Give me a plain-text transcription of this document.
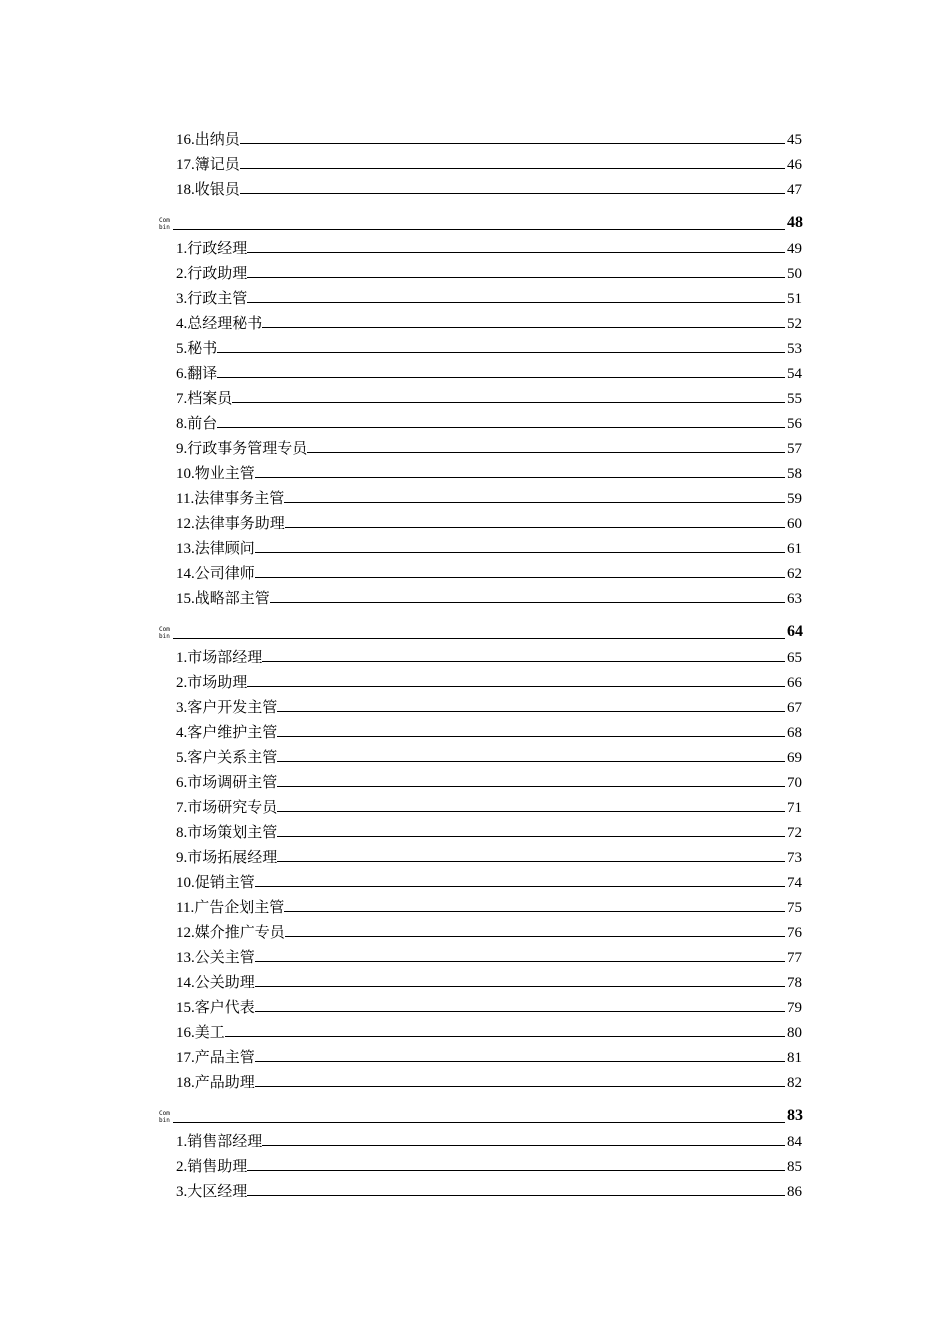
16.出纳员	45
17.簿记员	46
18.收银员	47
Com
bin	48
1.行政经理	49
2.行政助理	50
3.行政主管	51
4.总经理秘书	52
5.秘书	53
6.翻译	54
7.档案员	55
8.前台	56
9.行政事务管理专员	57
10.物业主管	58
11.法律事务主管	59
12.法律事务助理	60
13.法律顾问	61
14.公司律师	62
15.战略部主管	63
Com
bin	64
1.市场部经理	65
2.市场助理	66
3.客户开发主管	67
4.客户维护主管	68
5.客户关系主管	69
6.市场调研主管	70
7.市场研究专员	71
8.市场策划主管	72
9.市场拓展经理	73
10.促销主管	74
11.广告企划主管	75
12.媒介推广专员	76
13.公关主管	77
14.公关助理	78
15.客户代表	79
16.美工	80
17.产品主管	81
18.产品助理	82
Com
bin	83
1.销售部经理	84
2.销售助理	85
3.大区经理	86
